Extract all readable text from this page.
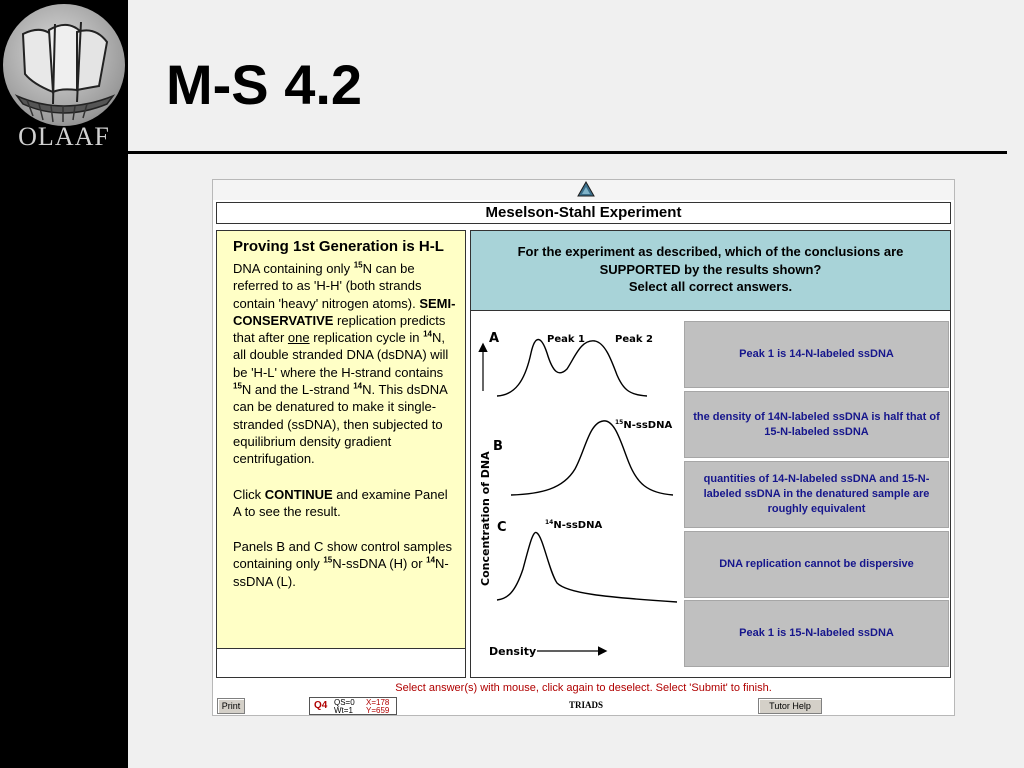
OLAAF
M-S 4.2
Meselson-Stahl Experiment
Proving 1st Generation is H-L

DNA containing only $^{15}$N can be referred to as 'H-H' (both strands contain 'heavy' nitrogen atoms). SEMI-CONSERVATIVE replication predicts that after one replication cycle in $^{14}$N, all double stranded DNA (dsDNA) will be 'H-L' where the H-strand contains $^{15}$N and the L-strand $^{14}$N. This dsDNA can be denatured to make it single-stranded (ssDNA), then subjected to equilibrium density gradient centrifugation.

Click CONTINUE and examine Panel A to see the result.

Panels B and C show control samples containing only $^{15}$N-ssDNA (H) or $^{14}$N-ssDNA (L).

For the experiment as described, which of the conclusions are
SUPPORTED by the results shown?
Select all correct answers.
Concentration of DNA
A	Peak 1	Peak 2
B
$^{15}$N-ssDNA
C	$^{14}$N-ssDNA
Density
Peak 1 is 14-N-labeled ssDNA
the density of 14N-labeled ssDNA is half that of 15-N-labeled ssDNA
quantities of 14-N-labeled ssDNA and 15-N-labeled ssDNA in the denatured sample are roughly equivalent
DNA replication cannot be dispersive
Peak 1 is 15-N-labeled ssDNA
Select answer(s) with mouse, click again to deselect. Select 'Submit' to finish.
Print	Q4 QS=0
Wt=1
X=178
Y=659
TRIADS	Tutor Help
